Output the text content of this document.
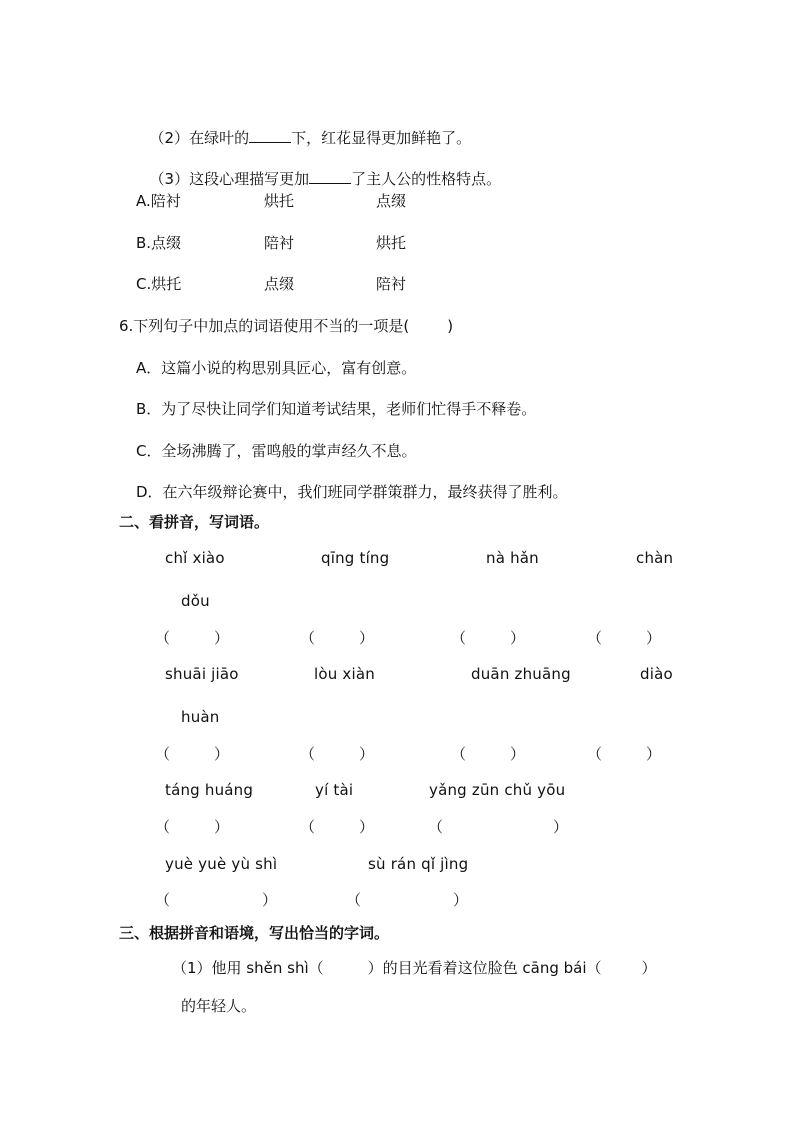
（2）在绿叶的	下，红花显得更加鲜艳了。

（3）这段心理描写更加	了主人公的性格特点。

A.陪衬	烘托	点缀
B.点缀	陪衬	烘托
C.烘托	点缀	陪衬
6.下列句子中加点的词语使用不当的一项是(        )
A．这篇小说的构思别具匠心，富有创意。
B．为了尽快让同学们知道考试结果，老师们忙得手不释卷。
C．全场沸腾了，雷鸣般的掌声经久不息。
D．在六年级辩论赛中，我们班同学群策群力，最终获得了胜利。
二、看拼音，写词语。
chǐ xiào	qīng tíng	nà hǎn	chàn
dǒu
（	）	（	）	（	）	（	）
shuāi jiāo	lòu xiàn	duān zhuāng	diào
huàn
（	）	（	）	（	）	（	）
táng huáng	yí tài	yǎng zūn chǔ yōu
（	）	（	）	（	）
yuè yuè yù shì	sù rán qǐ jìng
（	）	（	）
三、根据拼音和语境，写出恰当的字词。
（1）他用 shěn shì（	）的目光看着这位脸色 cāng bái（	）
的年轻人。
